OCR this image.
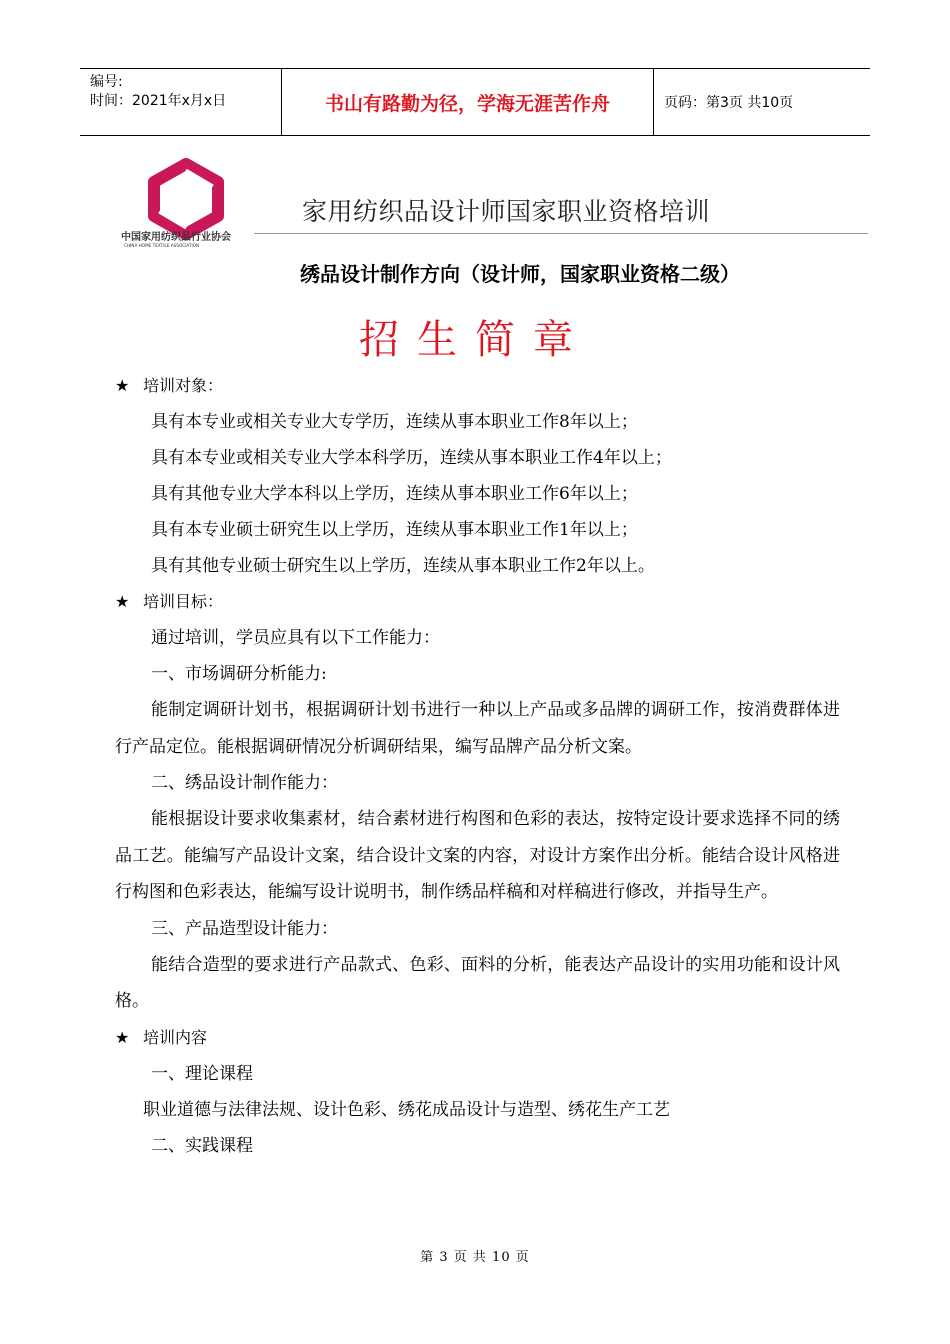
编号:
时间：2021年x月x日	书山有路勤为径，学海无涯苦作舟	页码：第3页 共10页
中国家用纺织品行业协会
CHINA HOME TEXTILE ASSOCIATION
家用纺织品设计师国家职业资格培训
绣品设计制作方向（设计师，国家职业资格二级）
招生简章
★ 培训对象：
具有本专业或相关专业大专学历，连续从事本职业工作8年以上；
具有本专业或相关专业大学本科学历，连续从事本职业工作4年以上；
具有其他专业大学本科以上学历，连续从事本职业工作6年以上；
具有本专业硕士研究生以上学历，连续从事本职业工作1年以上；
具有其他专业硕士研究生以上学历，连续从事本职业工作2年以上。
★ 培训目标：
通过培训，学员应具有以下工作能力：
一、市场调研分析能力:
能制定调研计划书，根据调研计划书进行一种以上产品或多品牌的调研工作，按消费群体进行产品定位。能根据调研情况分析调研结果，编写品牌产品分析文案。
二、绣品设计制作能力：
能根据设计要求收集素材，结合素材进行构图和色彩的表达，按特定设计要求选择不同的绣品工艺。能编写产品设计文案，结合设计文案的内容，对设计方案作出分析。能结合设计风格进行构图和色彩表达，能编写设计说明书，制作绣品样稿和对样稿进行修改，并指导生产。
三、产品造型设计能力：
能结合造型的要求进行产品款式、色彩、面料的分析，能表达产品设计的实用功能和设计风格。
★ 培训内容
一、理论课程
职业道德与法律法规、设计色彩、绣花成品设计与造型、绣花生产工艺
二、实践课程
第 3 页 共 10 页
